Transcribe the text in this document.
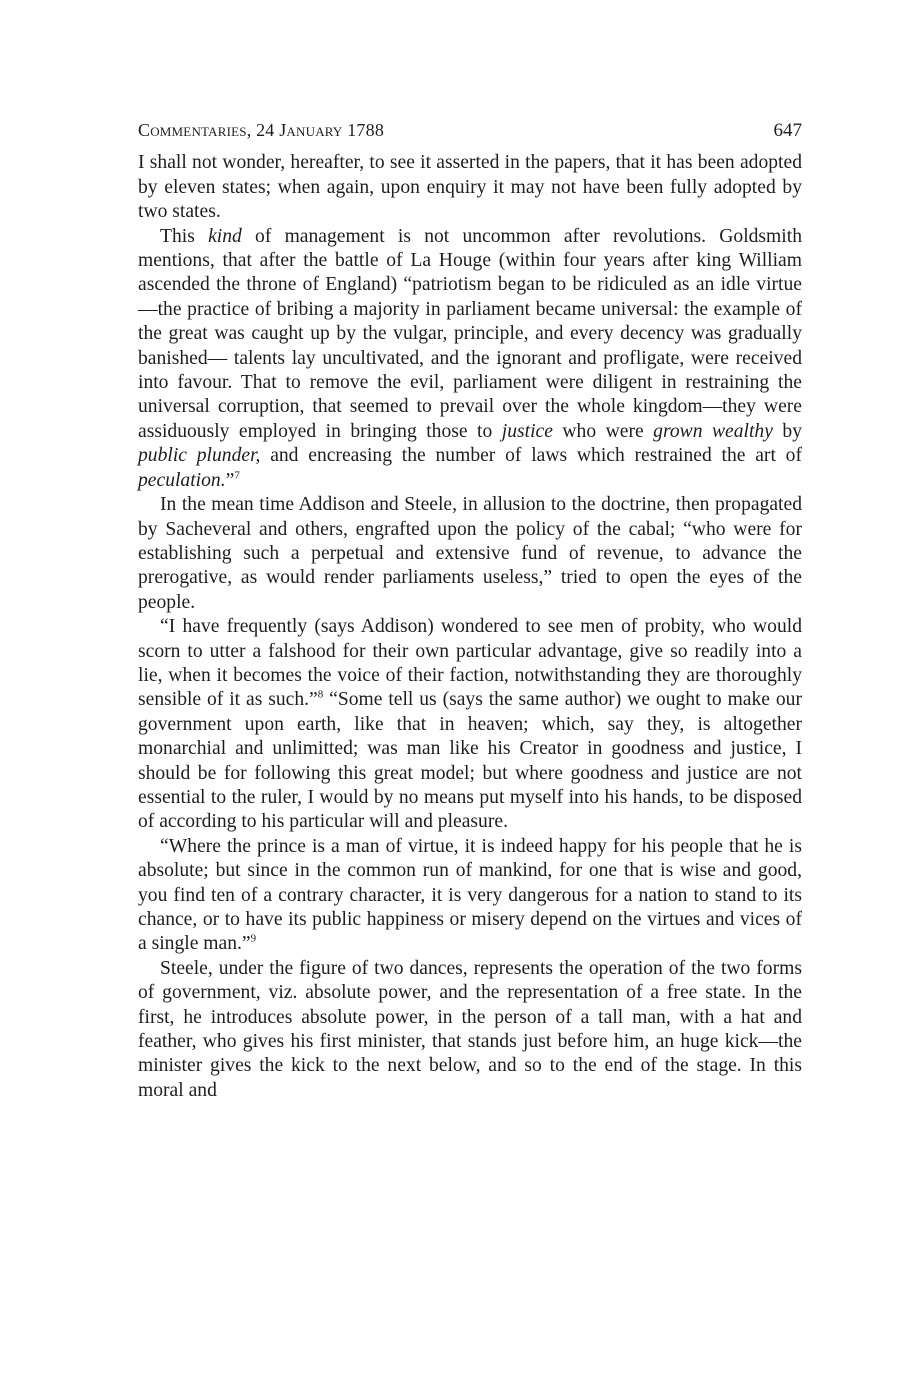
Commentaries, 24 January 1788	647

I shall not wonder, hereafter, to see it asserted in the papers, that it has been adopted by eleven states; when again, upon enquiry it may not have been fully adopted by two states.

This kind of management is not uncommon after revolutions. Goldsmith mentions, that after the battle of La Houge (within four years after king William ascended the throne of England) “patriotism began to be ridiculed as an idle virtue—the practice of bribing a majority in parliament became universal: the example of the great was caught up by the vulgar, principle, and every decency was gradually banished— talents lay uncultivated, and the ignorant and profligate, were received into favour. That to remove the evil, parliament were diligent in restraining the universal corruption, that seemed to prevail over the whole kingdom—they were assiduously employed in bringing those to justice who were grown wealthy by public plunder, and encreasing the number of laws which restrained the art of peculation.”$^7$

In the mean time Addison and Steele, in allusion to the doctrine, then propagated by Sacheveral and others, engrafted upon the policy of the cabal; “who were for establishing such a perpetual and extensive fund of revenue, to advance the prerogative, as would render parliaments useless,” tried to open the eyes of the people.

“I have frequently (says Addison) wondered to see men of probity, who would scorn to utter a falshood for their own particular advantage, give so readily into a lie, when it becomes the voice of their faction, notwithstanding they are thoroughly sensible of it as such.”$^8$ “Some tell us (says the same author) we ought to make our government upon earth, like that in heaven; which, say they, is altogether monarchial and unlimitted; was man like his Creator in goodness and justice, I should be for following this great model; but where goodness and justice are not essential to the ruler, I would by no means put myself into his hands, to be disposed of according to his particular will and pleasure.

“Where the prince is a man of virtue, it is indeed happy for his people that he is absolute; but since in the common run of mankind, for one that is wise and good, you find ten of a contrary character, it is very dangerous for a nation to stand to its chance, or to have its public happiness or misery depend on the virtues and vices of a single man.”$^9$

Steele, under the figure of two dances, represents the operation of the two forms of government, viz. absolute power, and the representation of a free state. In the first, he introduces absolute power, in the person of a tall man, with a hat and feather, who gives his first minister, that stands just before him, an huge kick—the minister gives the kick to the next below, and so to the end of the stage. In this moral and
